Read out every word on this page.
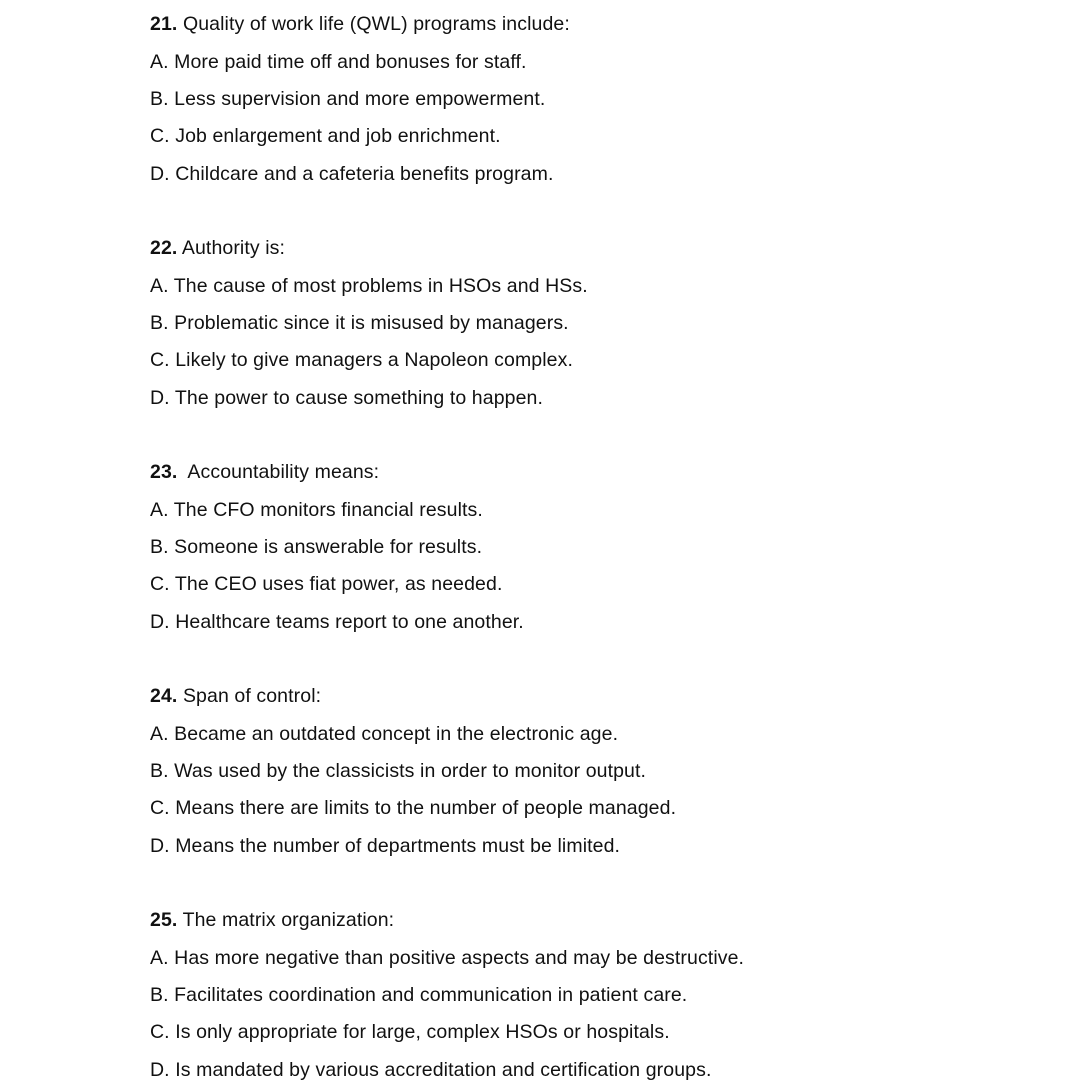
21. Quality of work life (QWL) programs include:
A. More paid time off and bonuses for staff.
B. Less supervision and more empowerment.
C. Job enlargement and job enrichment.
D. Childcare and a cafeteria benefits program.
22. Authority is:
A. The cause of most problems in HSOs and HSs.
B. Problematic since it is misused by managers.
C. Likely to give managers a Napoleon complex.
D. The power to cause something to happen.
23.  Accountability means:
A. The CFO monitors financial results.
B. Someone is answerable for results.
C. The CEO uses fiat power, as needed.
D. Healthcare teams report to one another.
24. Span of control:
A. Became an outdated concept in the electronic age.
B. Was used by the classicists in order to monitor output.
C. Means there are limits to the number of people managed.
D. Means the number of departments must be limited.
25. The matrix organization:
A. Has more negative than positive aspects and may be destructive.
B. Facilitates coordination and communication in patient care.
C. Is only appropriate for large, complex HSOs or hospitals.
D. Is mandated by various accreditation and certification groups.
